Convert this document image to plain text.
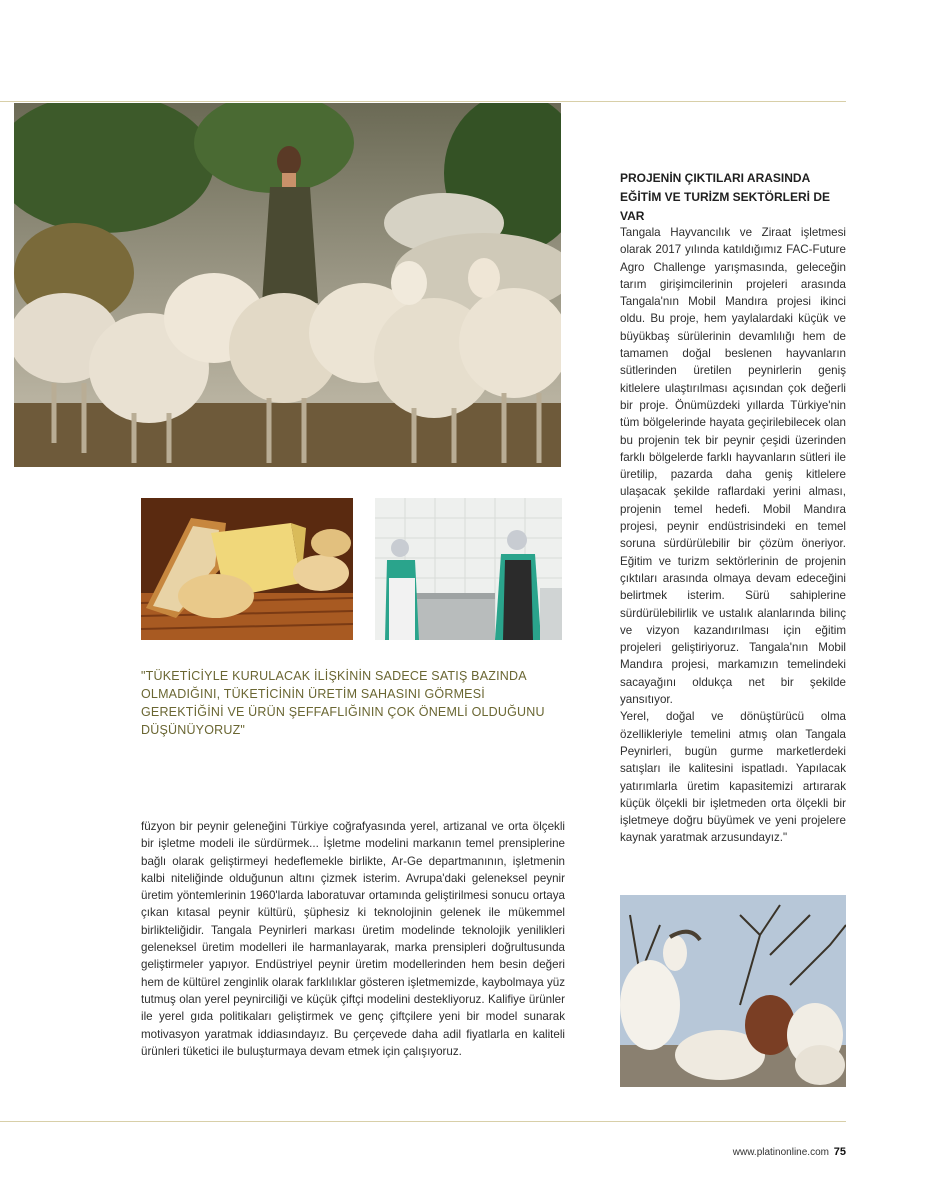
"TÜKETİCİYLE KURULACAK İLİŞKİNİN SADECE SATIŞ BAZINDA OLMADIĞINI, TÜKETİCİNİN ÜRETİM SAHASINI GÖRMESİ GEREKTİĞİNİ VE ÜRÜN ŞEFFAFLIĞININ ÇOK ÖNEMLİ OLDUĞUNU DÜŞÜNÜYORUZ"

füzyon bir peynir geleneğini Türkiye coğrafyasında yerel, artizanal ve orta ölçekli bir işletme modeli ile sürdürmek... İşletme modelini markanın temel prensiplerine bağlı olarak geliştirmeyi hedeflemekle birlikte, Ar-Ge departmanının, işletmenin kalbi niteliğinde olduğunun altını çizmek isterim. Avrupa'daki geleneksel peynir üretim yöntemlerinin 1960'larda laboratuvar ortamında geliştirilmesi sonucu ortaya çıkan kıtasal peynir kültürü, şüphesiz ki teknolojinin gelenek ile mükemmel birlikteliğidir. Tangala Peynirleri markası üretim modelinde teknolojik yenilikleri geleneksel üretim modelleri ile harmanlayarak, marka prensipleri doğrultusunda geliştirmeler yapıyor. Endüstriyel peynir üretim modellerinden hem besin değeri hem de kültürel zenginlik olarak farklılıklar gösteren işletmemizde, kaybolmaya yüz tutmuş olan yerel peynirciliği ve küçük çiftçi modelini destekliyoruz. Kalifiye ürünler ile yerel gıda politikaları geliştirmek ve genç çiftçilere yeni bir model sunarak motivasyon yaratmak iddiasındayız. Bu çerçevede daha adil fiyatlarla en kaliteli ürünleri tüketici ile buluşturmaya devam etmek için çalışıyoruz.

PROJENİN ÇIKTILARI ARASINDA EĞİTİM VE TURİZM SEKTÖRLERİ DE VAR

Tangala Hayvancılık ve Ziraat işletmesi olarak 2017 yılında katıldığımız FAC-Future Agro Challenge yarışmasında, geleceğin tarım girişimcilerinin projeleri arasında Tangala'nın Mobil Mandıra projesi ikinci oldu. Bu proje, hem yaylalardaki küçük ve büyükbaş sürülerinin devamlılığı hem de tamamen doğal beslenen hayvanların sütlerinden üretilen peynirlerin geniş kitlelere ulaştırılması açısından çok değerli bir proje. Önümüzdeki yıllarda Türkiye'nin tüm bölgelerinde hayata geçirilebilecek olan bu projenin tek bir peynir çeşidi üzerinden farklı bölgelerde farklı hayvanların sütleri ile üretilip, pazarda daha geniş kitlelere ulaşacak şekilde raflardaki yerini alması, projenin temel hedefi. Mobil Mandıra projesi, peynir endüstrisindeki en temel soruna sürdürülebilir bir çözüm öneriyor. Eğitim ve turizm sektörlerinin de projenin çıktıları arasında olmaya devam edeceğini belirtmek isterim. Sürü sahiplerine sürdürülebilirlik ve ustalık alanlarında bilinç ve vizyon kazandırılması için eğitim projeleri geliştiriyoruz. Tangala'nın Mobil Mandıra projesi, markamızın temelindeki sacayağını oldukça net bir şekilde yansıtıyor.

Yerel, doğal ve dönüştürücü olma özellikleriyle temelini atmış olan Tangala Peynirleri, bugün gurme marketlerdeki satışları ile kalitesini ispatladı. Yapılacak yatırımlarla üretim kapasitemizi artırarak küçük ölçekli bir işletmeden orta ölçekli bir işletmeye doğru büyümek ve yeni projelere kaynak yaratmak arzusundayız."

www.platinonline.com 75
